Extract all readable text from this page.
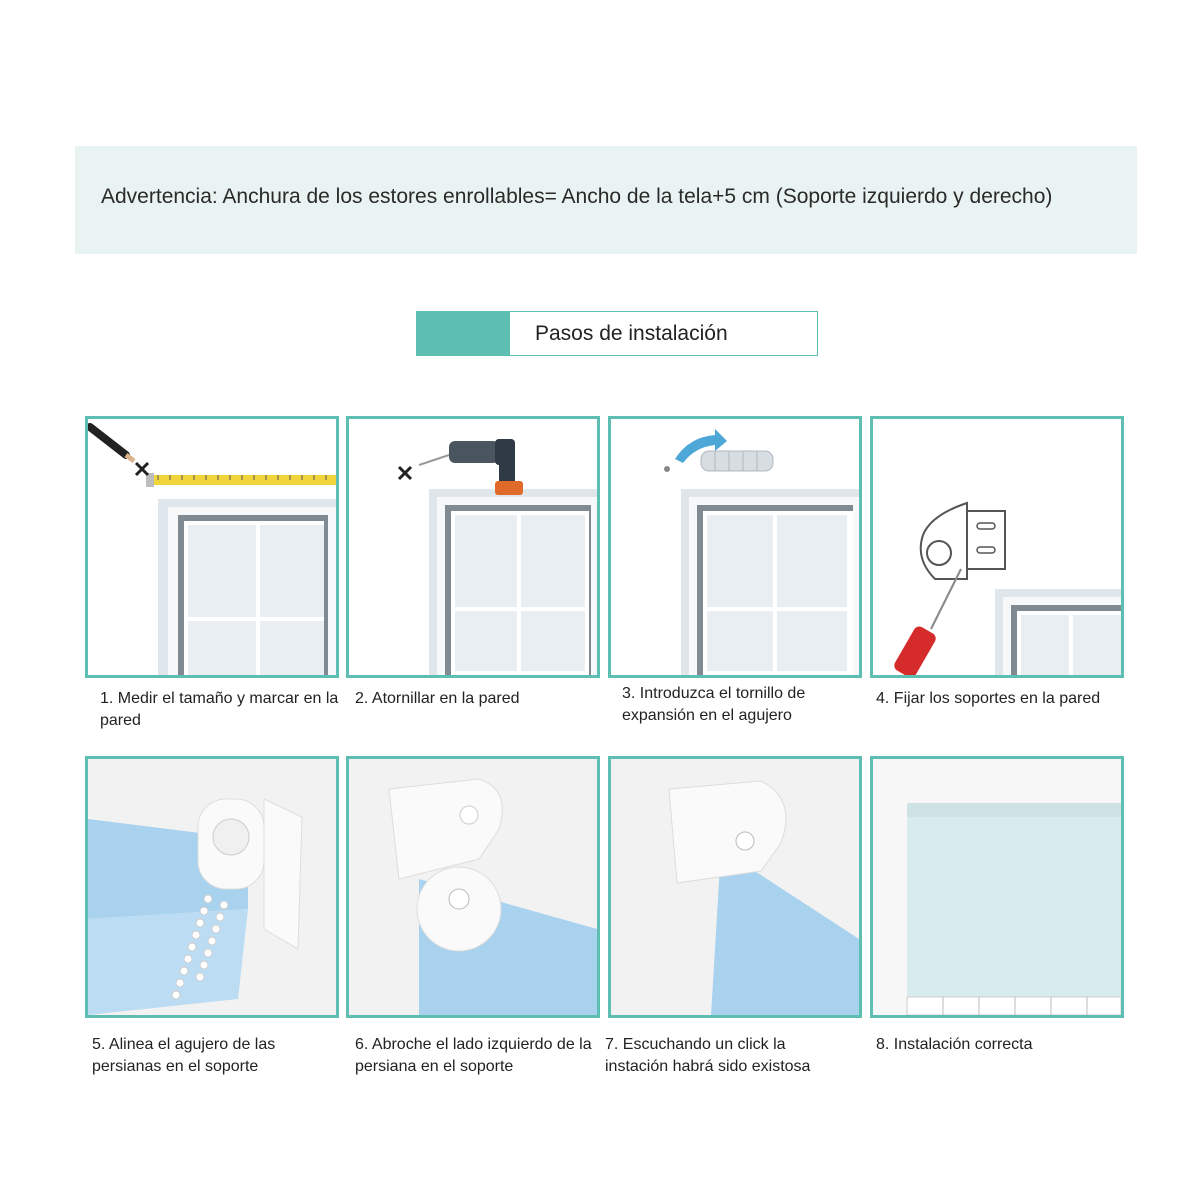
Advertencia: Anchura de los estores enrollables= Ancho de la tela+5 cm (Soporte izquierdo y derecho)
Pasos de instalación
1. Medir el tamaño y marcar en la pared
2. Atornillar en la pared	3. Introduzca el tornillo de expansión en el agujero
4. Fijar los soportes en la pared
5. Alinea el agujero de las persianas en el soporte
6. Abroche el lado izquierdo de la persiana en el soporte
7. Escuchando un click la instación habrá sido existosa
8. Instalación correcta
